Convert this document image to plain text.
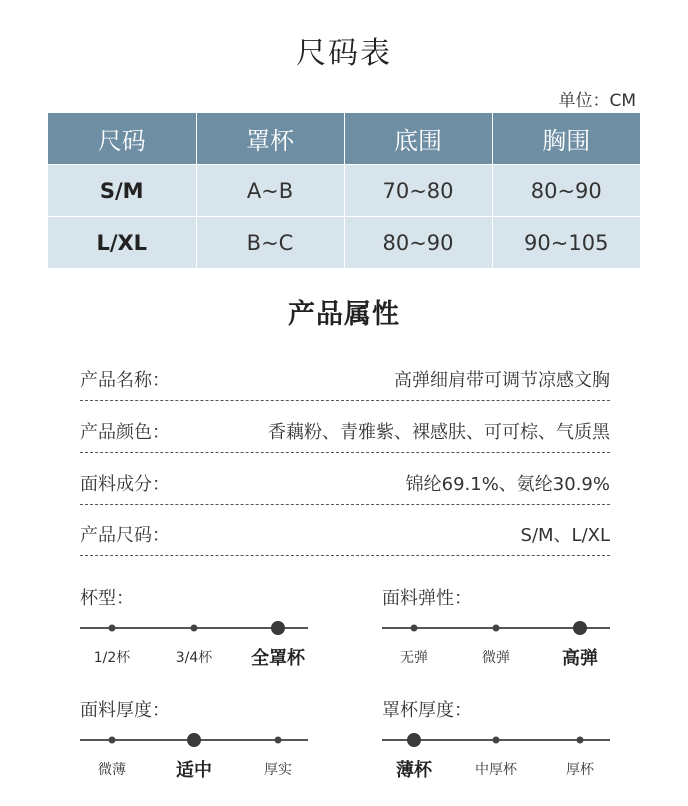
尺码表
单位：CM
尺码	罩杯	底围	胸围
S/M	A~B	70~80	80~90
L/XL	B~C	80~90	90~105
产品属性
产品名称：	高弹细肩带可调节凉感文胸
产品颜色：	香藕粉、青雅紫、裸感肤、可可棕、气质黑
面料成分：	锦纶69.1%、氨纶30.9%
产品尺码：	S/M、L/XL
杯型：
1/2杯	3/4杯 全罩杯
面料弹性：
无弹	微弹	高弹
面料厚度：
微薄	适中	厚实
罩杯厚度：
薄杯	中厚杯	厚杯
